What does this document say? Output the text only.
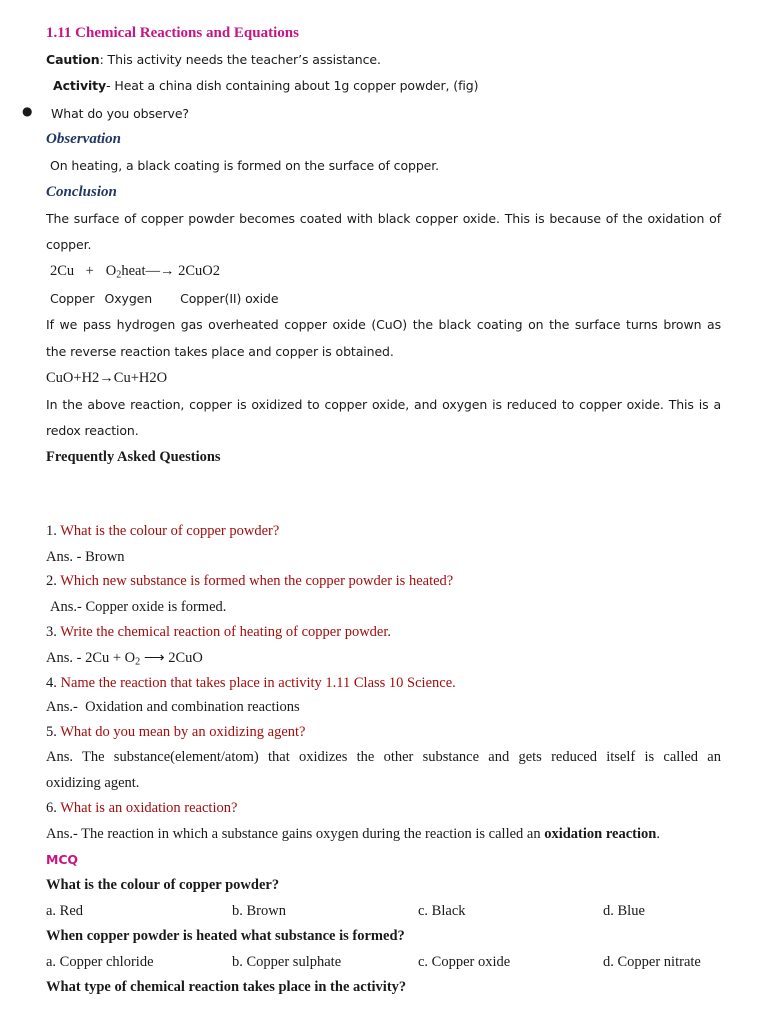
1.11 Chemical Reactions and Equations
Caution: This activity needs the teacher’s assistance.
Activity- Heat a china dish containing about 1g copper powder, (fig)
● What do you observe?
Observation
On heating, a black coating is formed on the surface of copper.
Conclusion
The surface of copper powder becomes coated with black copper oxide. This is because of the oxidation of
copper.
$2Cu + O_2heat--\to 2CuO2$
Copper Oxygen Copper(II) oxide
If we pass hydrogen gas overheated copper oxide (CuO) the black coating on the surface turns brown as
the reverse reaction takes place and copper is obtained.
CuO+H2→Cu+H2O
In the above reaction, copper is oxidized to copper oxide, and oxygen is reduced to copper oxide. This is a
redox reaction.
Frequently Asked Questions
1. What is the colour of copper powder?
Ans. - Brown
2. Which new substance is formed when the copper powder is heated?
Ans.- Copper oxide is formed.
3. Write the chemical reaction of heating of copper powder.
Ans. - $2Cu + O_2$ ⟶ 2CuO
4. Name the reaction that takes place in activity 1.11 Class 10 Science.
Ans.-  Oxidation and combination reactions
5. What do you mean by an oxidizing agent?
Ans. The substance(element/atom) that oxidizes the other substance and gets reduced itself is called an
oxidizing agent.
6. What is an oxidation reaction?
Ans.- The reaction in which a substance gains oxygen during the reaction is called an oxidation reaction.
MCQ
What is the colour of copper powder?
a. Red	b. Brown	c. Black	d. Blue
When copper powder is heated what substance is formed?
a. Copper chloride	b. Copper sulphate	c. Copper oxide	d. Copper nitrate
What type of chemical reaction takes place in the activity?
